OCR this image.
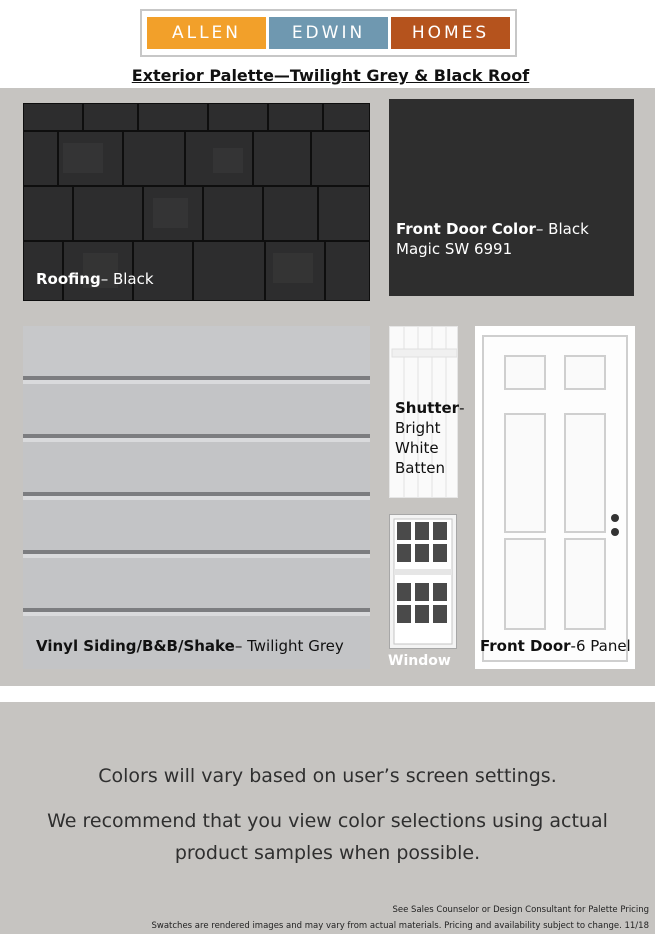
ALLEN	EDWIN	HOMES
Exterior Palette—Twilight Grey & Black Roof
Roofing– Black
Front Door Color– Black Magic SW 6991
Vinyl Siding/B&B/Shake– Twilight Grey
Shutter- Bright White Batten
Window
Front Door-6 Panel
Colors will vary based on user’s screen settings.
We recommend that you view color selections using actual product samples when possible.
See Sales Counselor or Design Consultant for Palette Pricing
Swatches are rendered images and may vary from actual materials. Pricing and availability subject to change. 11/18
